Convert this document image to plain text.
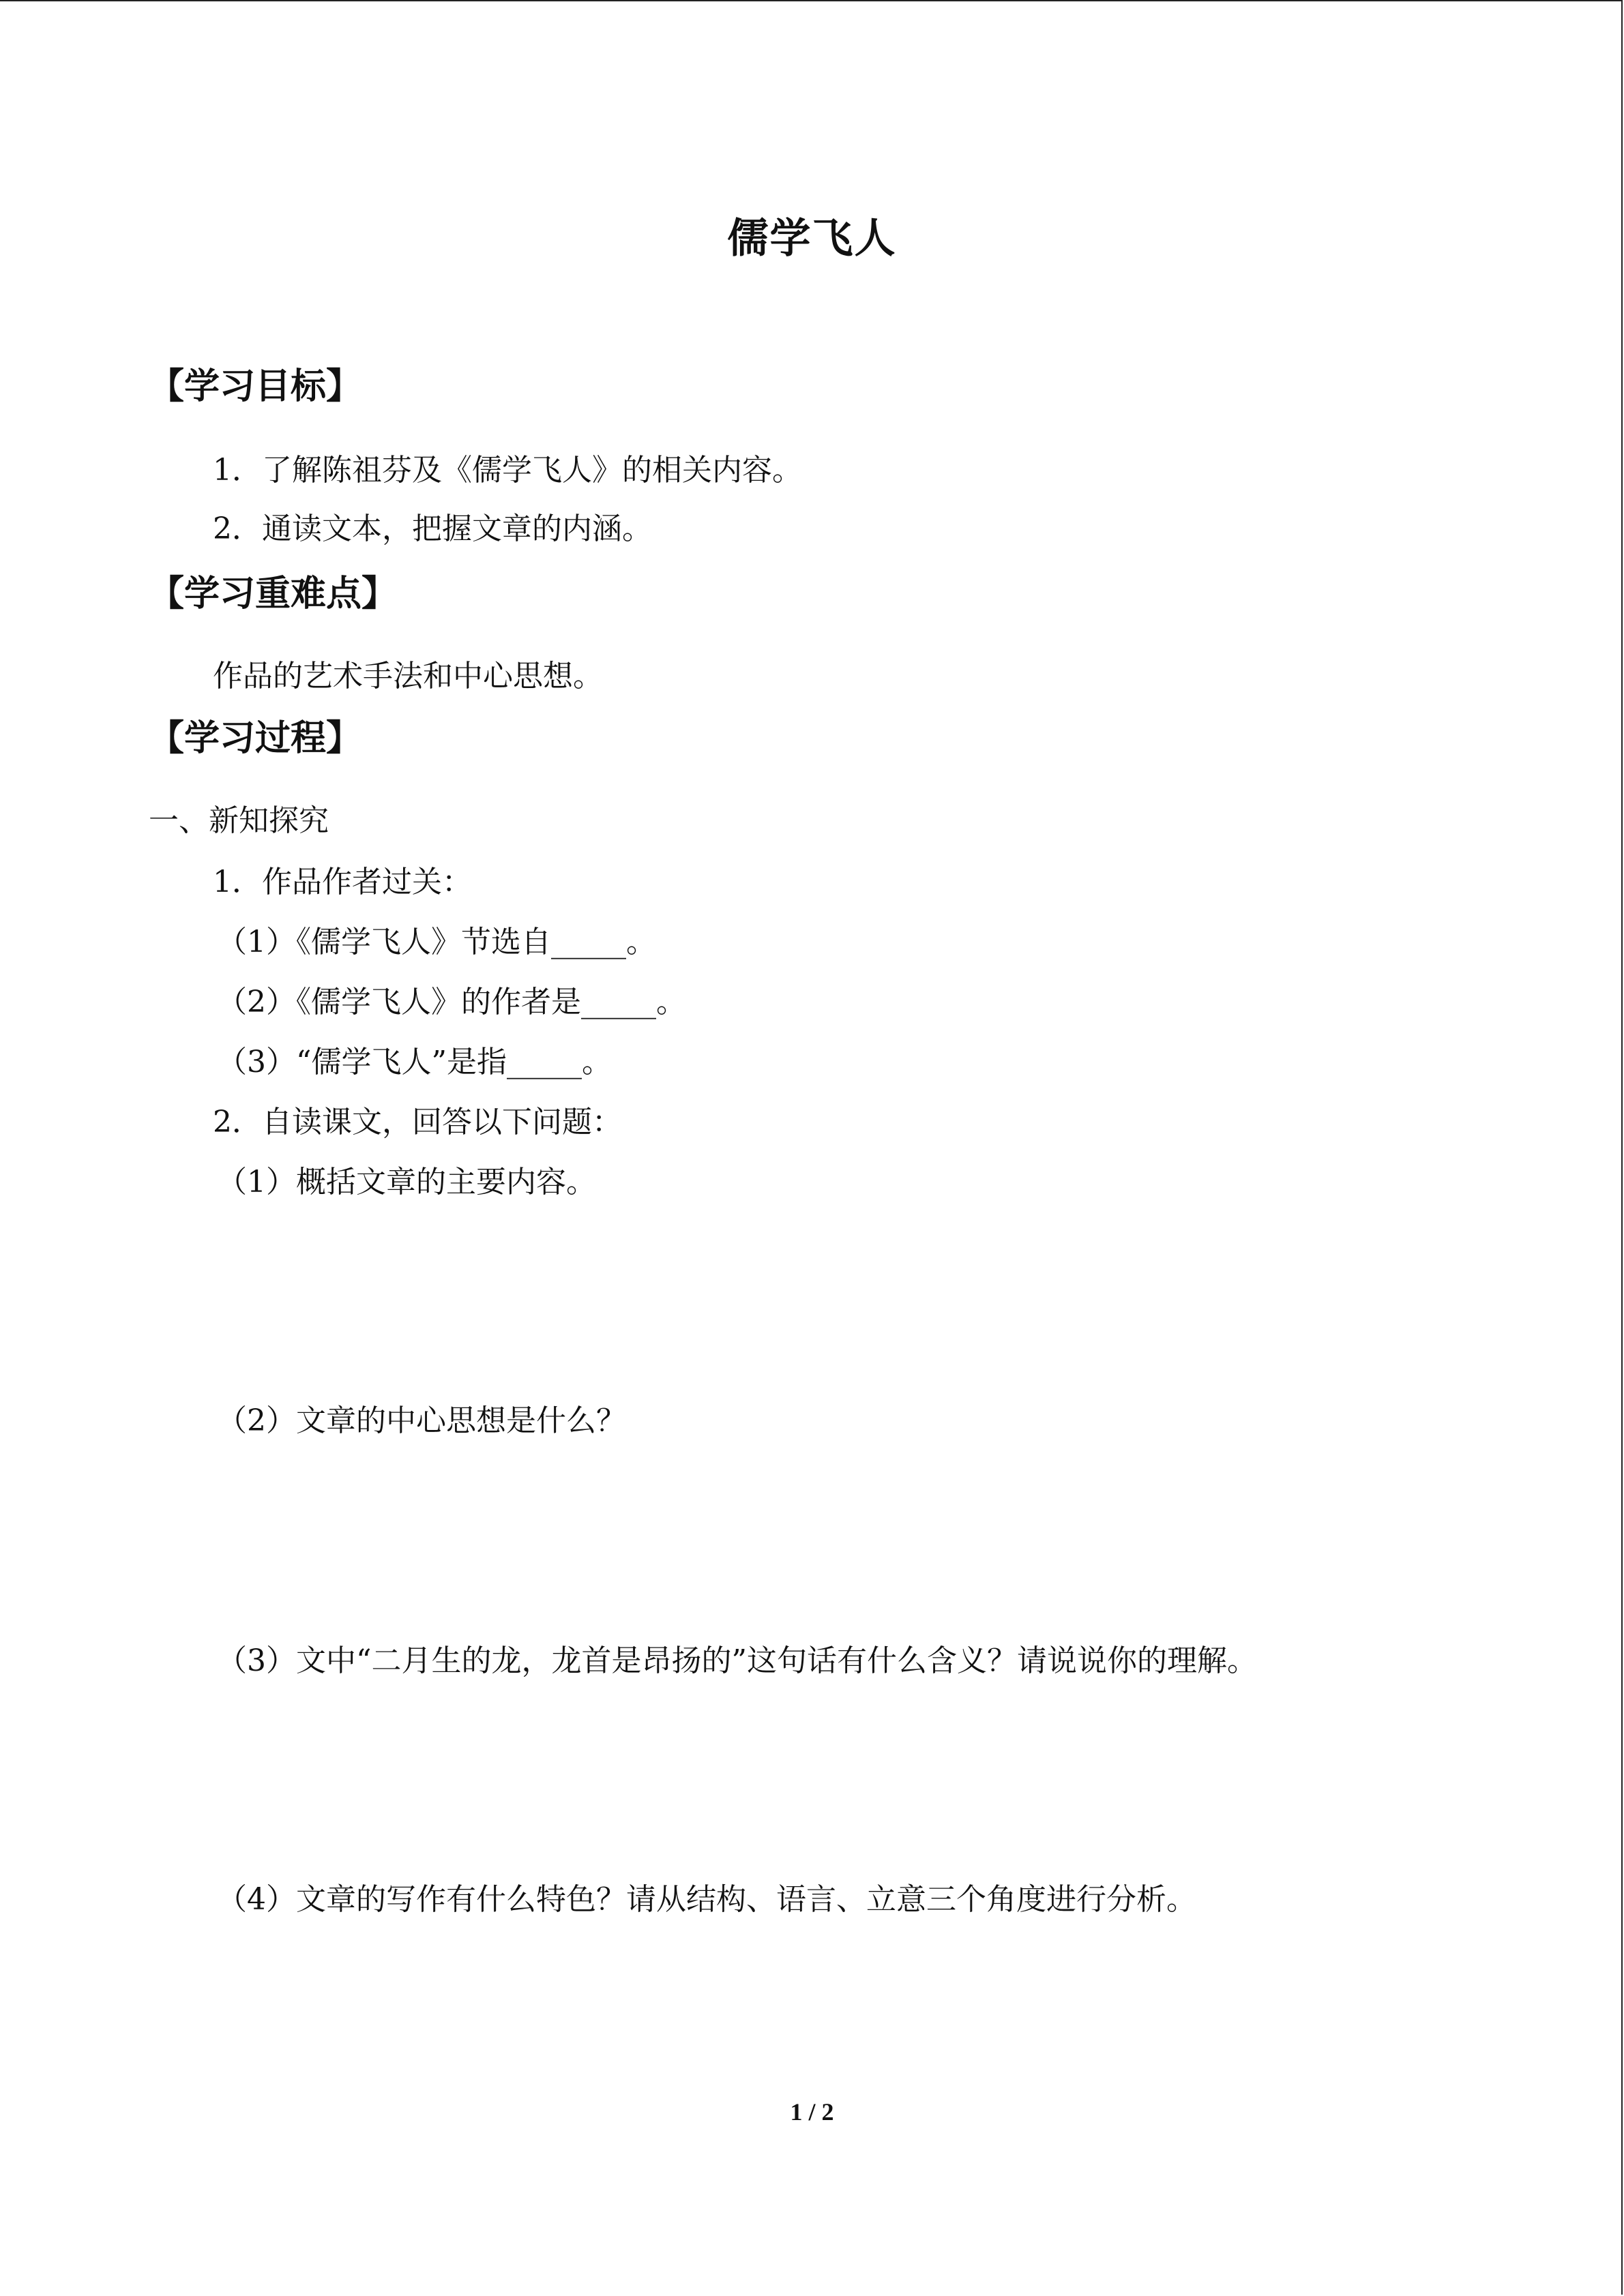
儒学飞人
【学习目标】
1．了解陈祖芬及《儒学飞人》的相关内容。
2．通读文本，把握文章的内涵。
【学习重难点】
作品的艺术手法和中心思想。
【学习过程】
一、新知探究
1．作品作者过关：
（1）《儒学飞人》节选自_____。
（2）《儒学飞人》的作者是_____。
（3）“儒学飞人”是指_____。
2．自读课文，回答以下问题：
（1）概括文章的主要内容。
（2）文章的中心思想是什么？
（3）文中“二月生的龙，龙首是昂扬的”这句话有什么含义？请说说你的理解。
（4）文章的写作有什么特色？请从结构、语言、立意三个角度进行分析。
1 / 2
